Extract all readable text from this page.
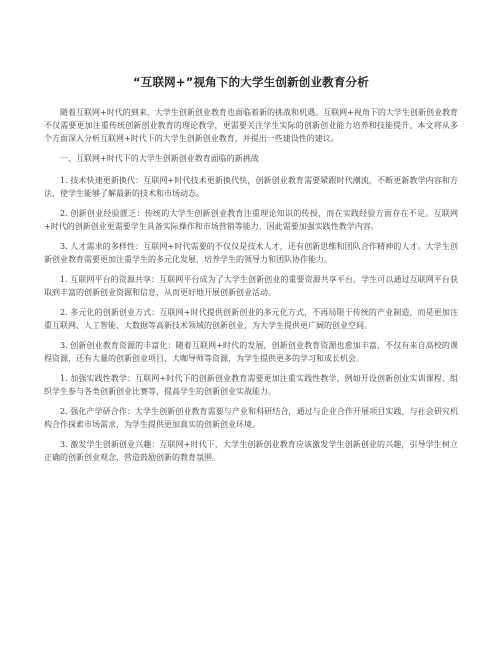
“互联网+”视角下的大学生创新创业教育分析

随着互联网+时代的到来，大学生创新创业教育也面临着新的挑战和机遇。互联网+视角下的大学生创新创业教育不仅需要更加注重传统创新创业教育的理论教学，更需要关注学生实际的创新创业能力培养和技能提升。本文将从多个方面深入分析互联网+时代下的大学生创新创业教育，并提出一些建设性的建议。

一、互联网+时代下的大学生创新创业教育面临的新挑战

1. 技术快速更新换代：互联网+时代技术更新换代快，创新创业教育需要紧跟时代潮流，不断更新教学内容和方法，使学生能够了解最新的技术和市场动态。

2. 创新创业经验匮乏：传统的大学生创新创业教育注重理论知识的传授，而在实践经验方面存在不足。互联网+时代的创新创业更需要学生具备实际操作和市场营销等能力，因此需要加强实践性教学内容。

3. 人才需求的多样性：互联网+时代需要的不仅仅是技术人才，还有创新思维和团队合作精神的人才。大学生创新创业教育需要更加注重学生的多元化发展，培养学生的领导力和团队协作能力。

1. 互联网平台的资源共享：互联网平台成为了大学生创新创业的重要资源共享平台，学生可以通过互联网平台获取到丰富的创新创业资源和信息，从而更好地开展创新创业活动。

2. 多元化的创新创业方式：互联网+时代提供创新创业的多元化方式，不再局限于传统的产业制造，而是更加注重互联网、人工智能、大数据等高新技术领域的创新创业，为大学生提供更广阔的创业空间。

3. 创新创业教育资源的丰富化：随着互联网+时代的发展，创新创业教育资源也愈加丰富，不仅有来自高校的课程资源，还有大量的创新创业项目、大咖导师等资源，为学生提供更多的学习和成长机会。

1. 加强实践性教学：互联网+时代下的创新创业教育需要更加注重实践性教学，例如开设创新创业实训课程、组织学生参与各类创新创业比赛等，提高学生的创新创业实战能力。

2. 强化产学研合作：大学生创新创业教育需要与产业和科研结合，通过与企业合作开展项目实践，与社会研究机构合作探索市场需求，为学生提供更加真实的创新创业环境。

3. 激发学生创新创业兴趣：互联网+时代下，大学生创新创业教育应该激发学生创新创业的兴趣，引导学生树立正确的创新创业观念，营造鼓励创新的教育氛围。
